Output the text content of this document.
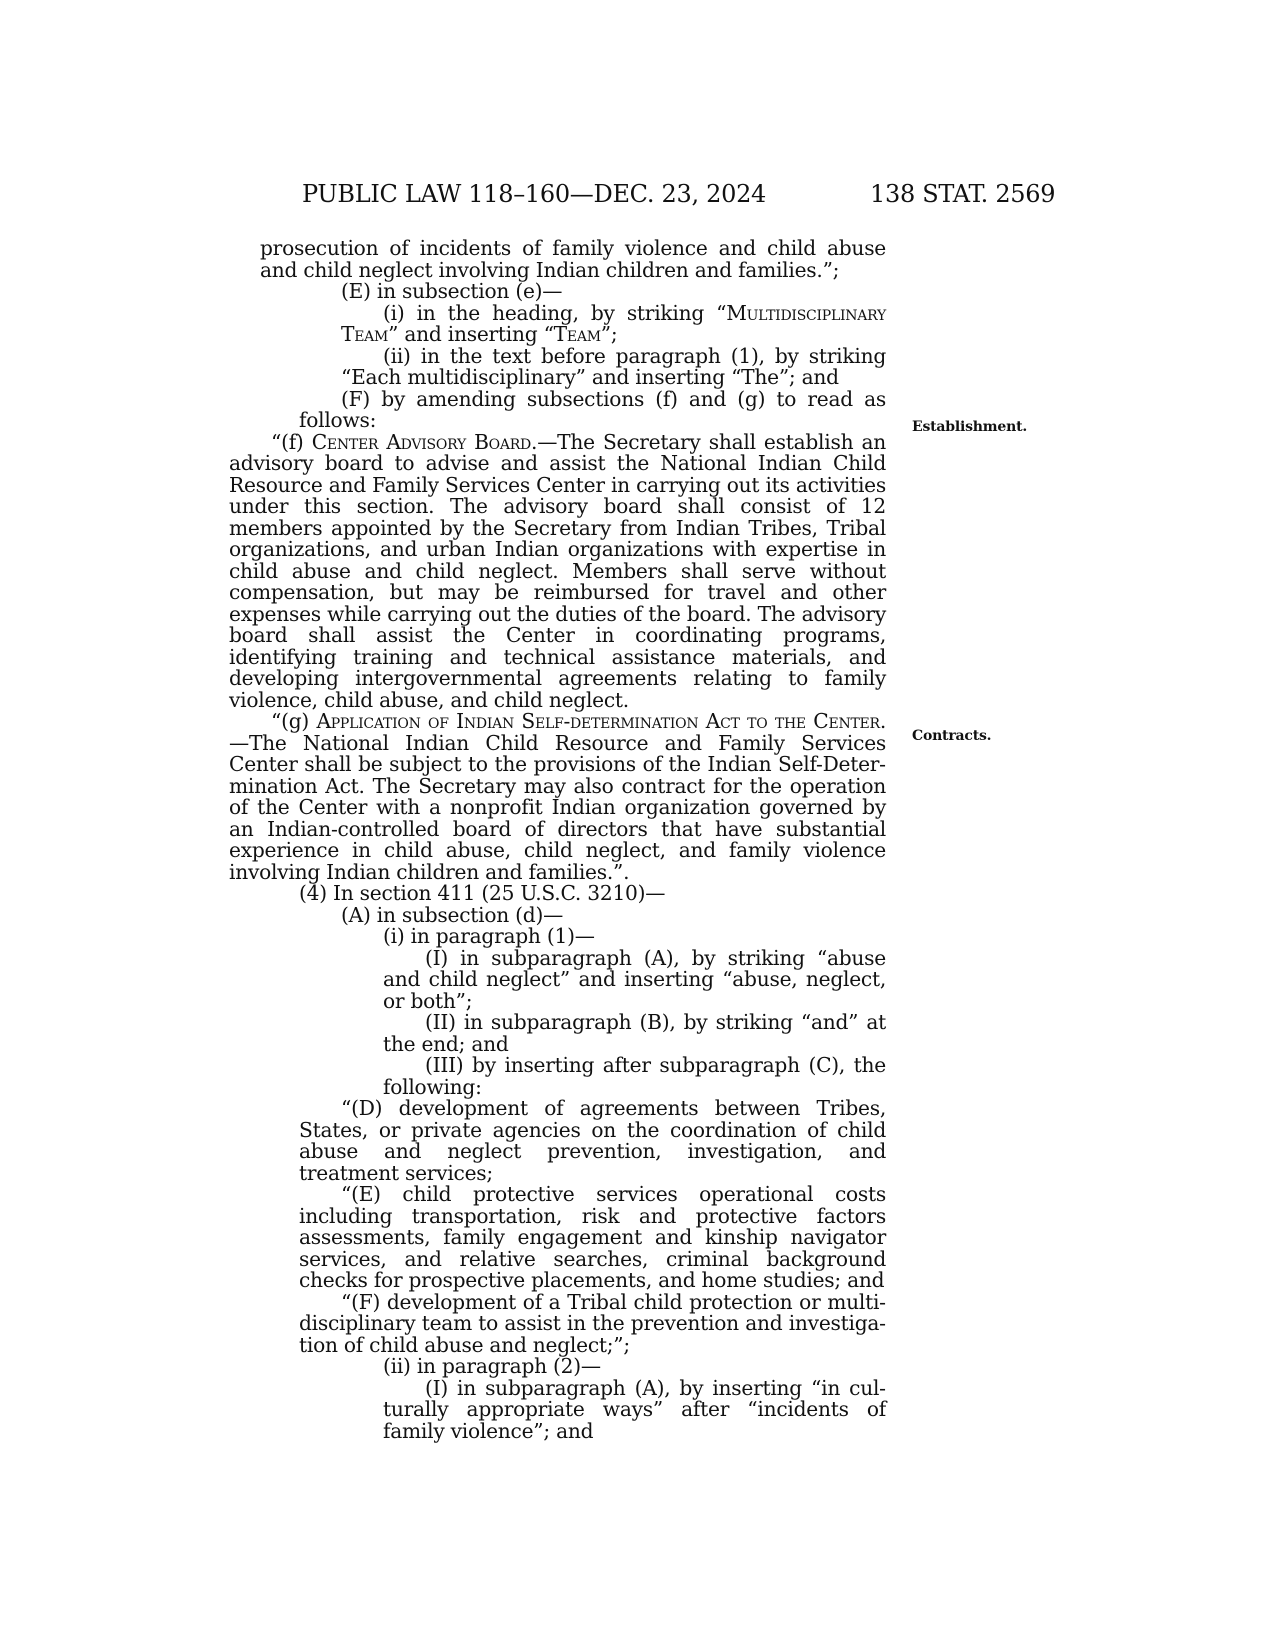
PUBLIC LAW 118–160—DEC. 23, 2024	138 STAT. 2569
Establishment.
Contracts.

prosecution of incidents of family violence and child abuse and child neglect involving Indian children and families.”;

(E) in subsection (e)—

(i) in the heading, by striking “Multidisciplinary Team” and inserting “Team”;

(ii) in the text before paragraph (1), by striking “Each multidisciplinary” and inserting “The”; and

(F) by amending subsections (f) and (g) to read as follows:

“(f) Center Advisory Board.—The Secretary shall establish an advisory board to advise and assist the National Indian Child Resource and Family Services Center in carrying out its activities under this section. The advisory board shall consist of 12 members appointed by the Secretary from Indian Tribes, Tribal organizations, and urban Indian organizations with expertise in child abuse and child neglect. Members shall serve without compensation, but may be reimbursed for travel and other expenses while carrying out the duties of the board. The advisory board shall assist the Center in coordinating programs, identifying training and technical assistance materials, and developing intergovernmental agreements relating to family violence, child abuse, and child neglect.

“(g) Application of Indian Self-determination Act to the Center.—The National Indian Child Resource and Family Services Center shall be subject to the provisions of the Indian Self-Determination Act. The Secretary may also contract for the operation of the Center with a nonprofit Indian organization governed by an Indian-controlled board of directors that have substantial experience in child abuse, child neglect, and family violence involving Indian children and families.”.

(4) In section 411 (25 U.S.C. 3210)—

(A) in subsection (d)—

(i) in paragraph (1)—

(I) in subparagraph (A), by striking “abuse and child neglect” and inserting “abuse, neglect, or both”;

(II) in subparagraph (B), by striking “and” at the end; and

(III) by inserting after subparagraph (C), the following:

“(D) development of agreements between Tribes, States, or private agencies on the coordination of child abuse and neglect prevention, investigation, and treatment services;

“(E) child protective services operational costs including transportation, risk and protective factors assessments, family engagement and kinship navigator services, and relative searches, criminal background checks for prospective placements, and home studies; and

“(F) development of a Tribal child protection or multidisciplinary team to assist in the prevention and investigation of child abuse and neglect;”;

(ii) in paragraph (2)—

(I) in subparagraph (A), by inserting “in culturally appropriate ways” after “incidents of family violence”; and
